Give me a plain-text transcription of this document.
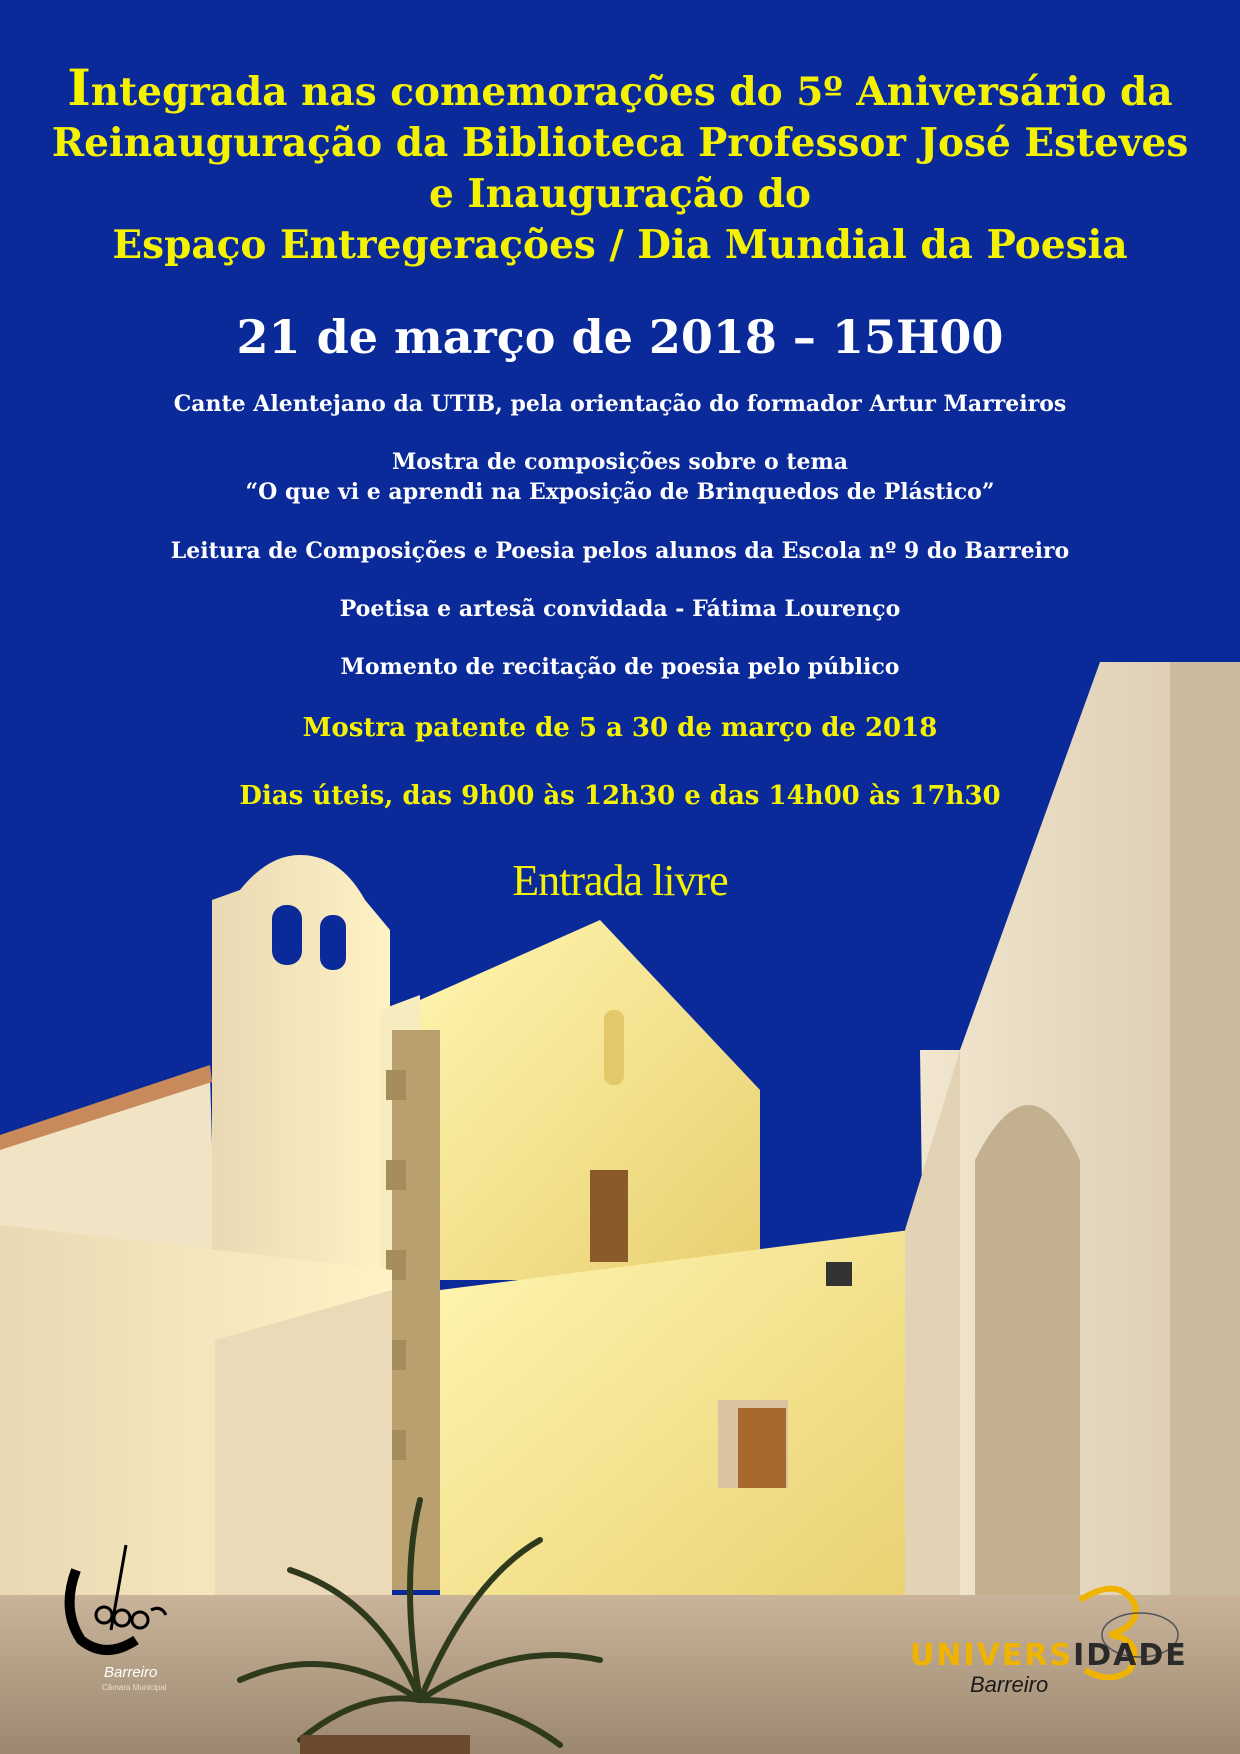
Integrada nas comemorações do 5º Aniversário da
Reinauguração da Biblioteca Professor José Esteves
e Inauguração do
Espaço Entregerações / Dia Mundial da Poesia
21 de março de 2018 – 15H00
Cante Alentejano da UTIB, pela orientação do formador Artur Marreiros
Mostra de composições sobre o tema
“O que vi e aprendi na Exposição de Brinquedos de Plástico”
Leitura de Composições e Poesia pelos alunos da Escola nº 9 do Barreiro
Poetisa e artesã convidada - Fátima Lourenço
Momento de recitação de poesia pelo público
Mostra patente de 5 a 30 de março de 2018
Dias úteis, das 9h00 às 12h30 e das 14h00 às 17h30
Entrada livre
Barreiro
Câmara Municipal
UNIVERSIDADE
Barreiro
